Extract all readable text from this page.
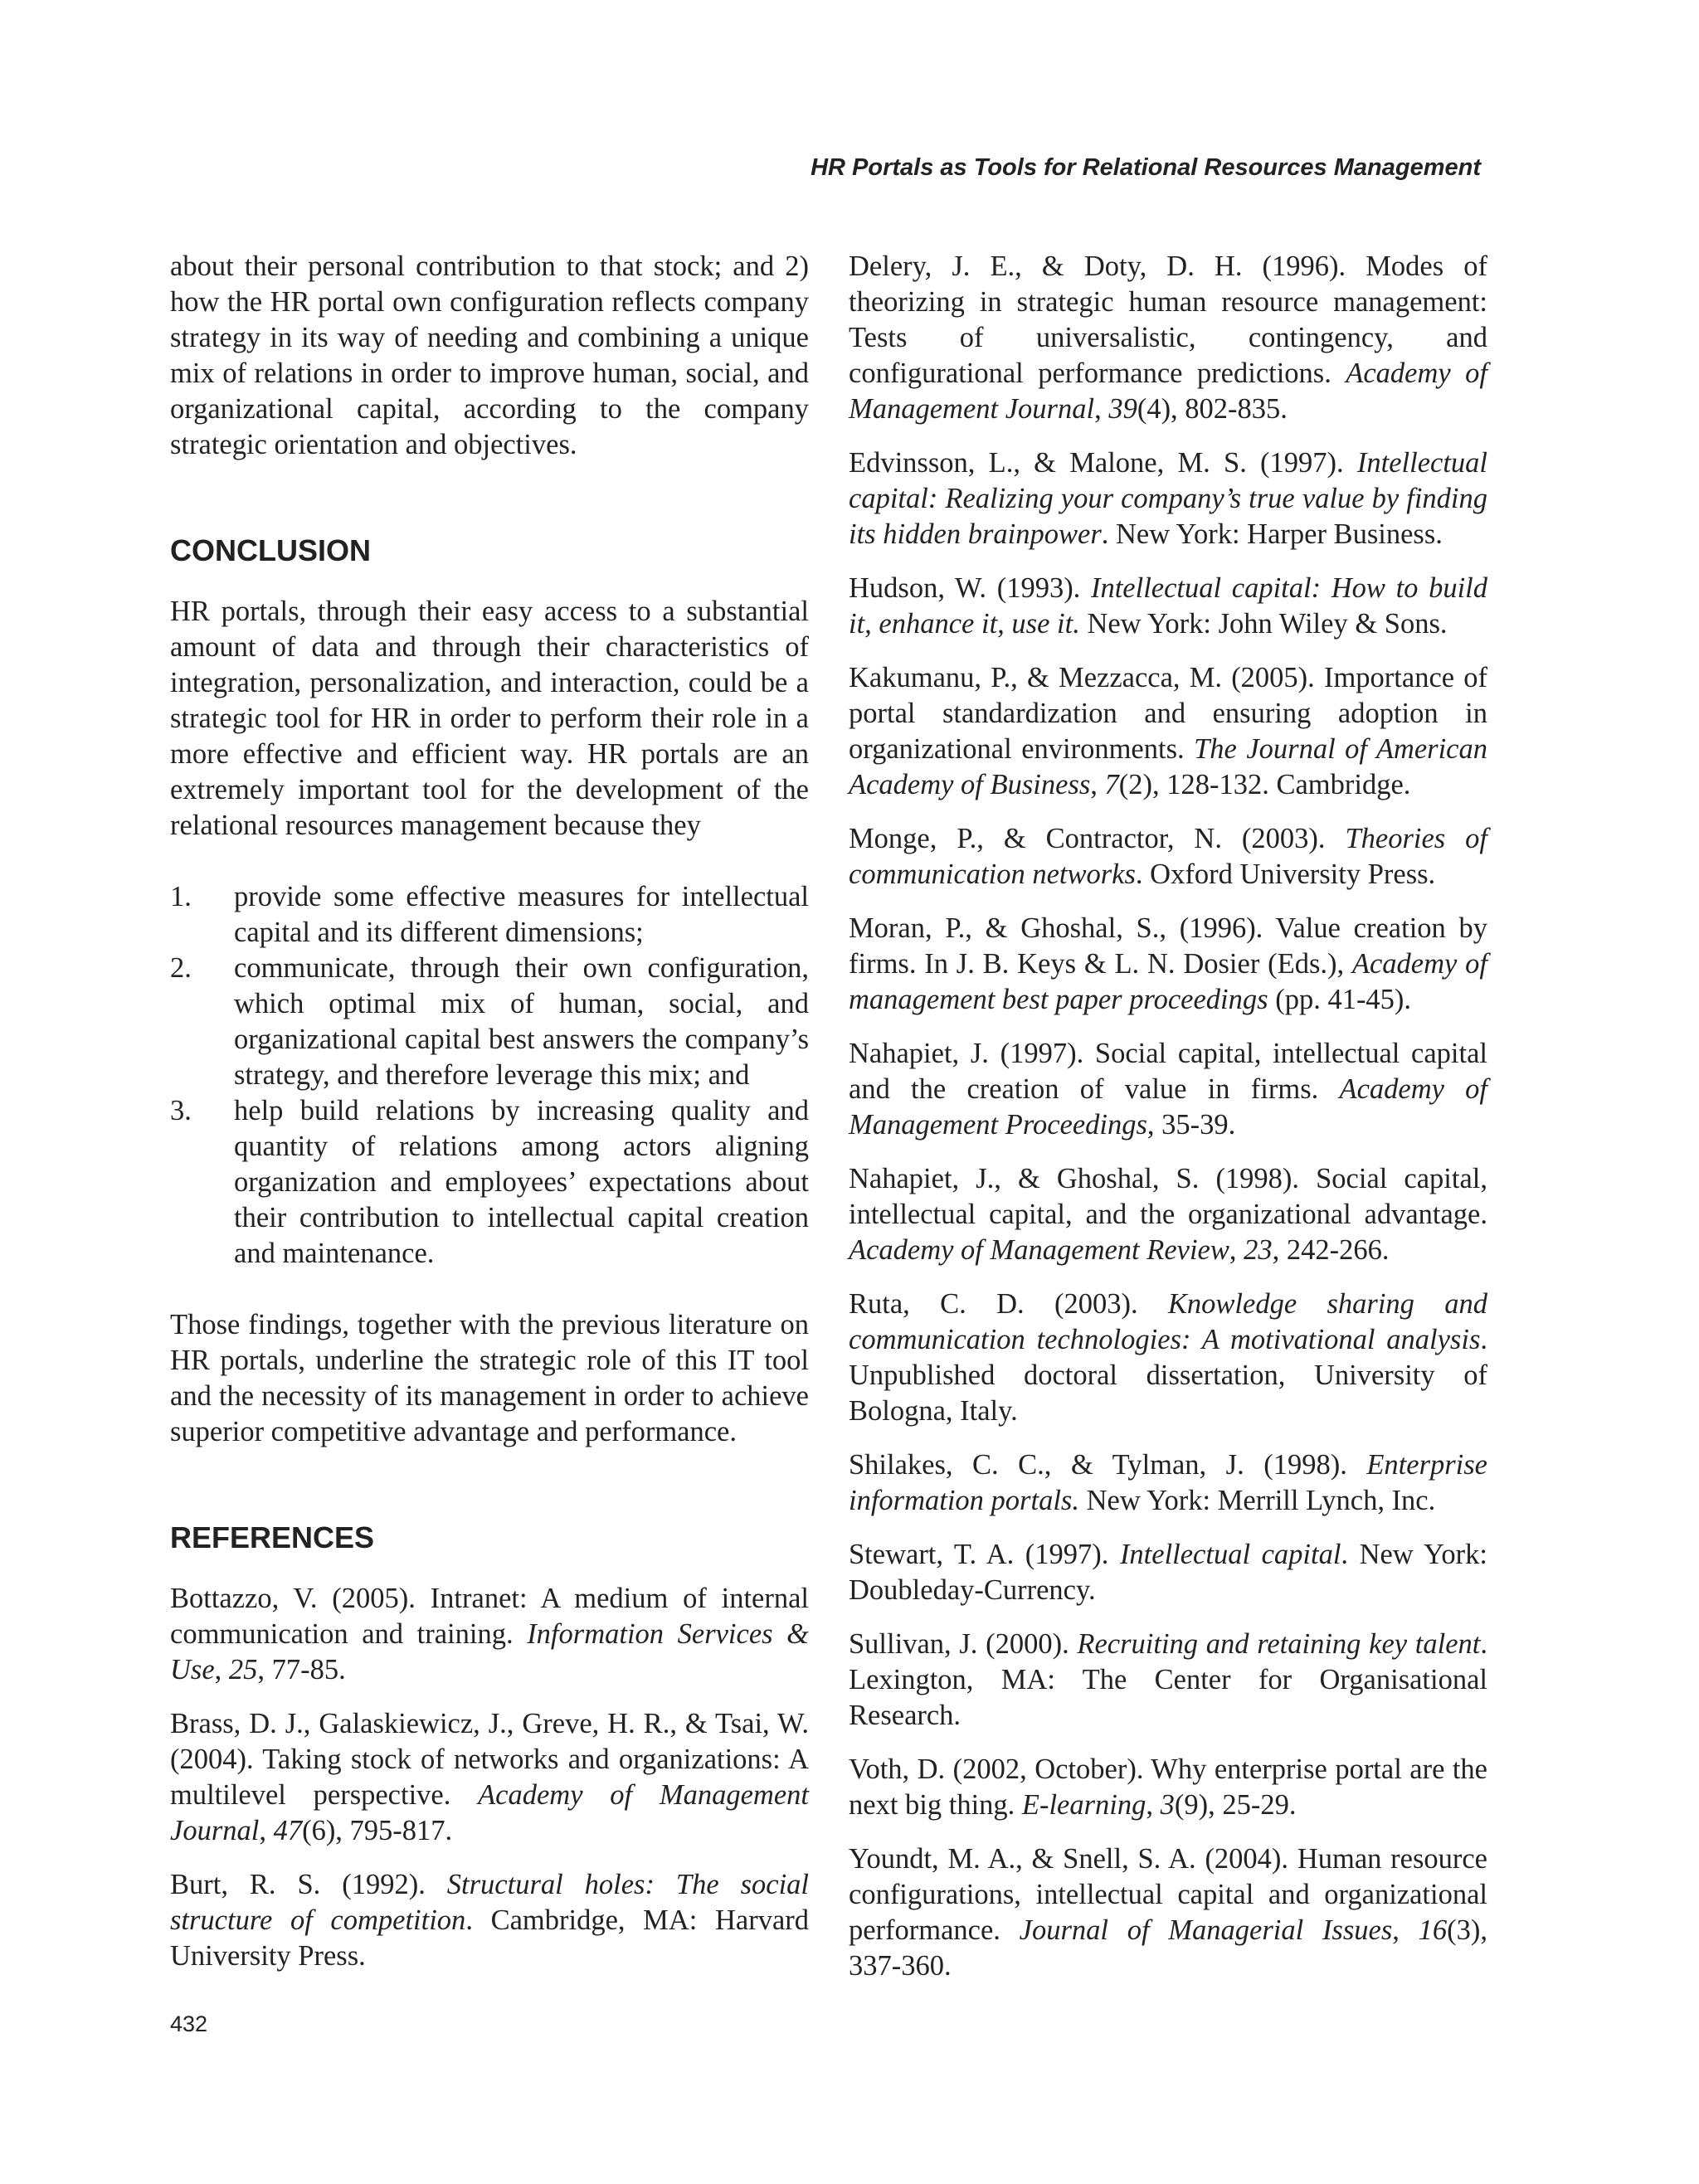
HR Portals as Tools for Relational Resources Management

about their personal contribution to that stock; and 2) how the HR portal own configuration reflects company strategy in its way of needing and combining a unique mix of relations in order to improve human, social, and organizational capital, according to the company strategic orientation and objectives.

CONCLUSION

HR portals, through their easy access to a substantial amount of data and through their characteristics of integration, personalization, and interaction, could be a strategic tool for HR in order to perform their role in a more effective and efficient way. HR portals are an extremely important tool for the development of the relational resources management because they

1. provide some effective measures for intellectual capital and its different dimensions;
2. communicate, through their own configuration, which optimal mix of human, social, and organizational capital best answers the company’s strategy, and therefore leverage this mix; and
3. help build relations by increasing quality and quantity of relations among actors aligning organization and employees’ expectations about their contribution to intellectual capital creation and maintenance.

Those findings, together with the previous literature on HR portals, underline the strategic role of this IT tool and the necessity of its management in order to achieve superior competitive advantage and performance.

REFERENCES

Bottazzo, V. (2005). Intranet: A medium of internal communication and training. Information Services & Use, 25, 77-85.

Brass, D. J., Galaskiewicz, J., Greve, H. R., & Tsai, W. (2004). Taking stock of networks and organizations: A multilevel perspective. Academy of Management Journal, 47(6), 795-817.

Burt, R. S. (1992). Structural holes: The social structure of competition. Cambridge, MA: Harvard University Press.

Delery, J. E., & Doty, D. H. (1996). Modes of theorizing in strategic human resource management: Tests of universalistic, contingency, and configurational performance predictions. Academy of Management Journal, 39(4), 802-835.

Edvinsson, L., & Malone, M. S. (1997). Intellectual capital: Realizing your company’s true value by finding its hidden brainpower. New York: Harper Business.

Hudson, W. (1993). Intellectual capital: How to build it, enhance it, use it. New York: John Wiley & Sons.

Kakumanu, P., & Mezzacca, M. (2005). Importance of portal standardization and ensuring adoption in organizational environments. The Journal of American Academy of Business, 7(2), 128-132. Cambridge.

Monge, P., & Contractor, N. (2003). Theories of communication networks. Oxford University Press.

Moran, P., & Ghoshal, S., (1996). Value creation by firms. In J. B. Keys & L. N. Dosier (Eds.), Academy of management best paper proceedings (pp. 41-45).

Nahapiet, J. (1997). Social capital, intellectual capital and the creation of value in firms. Academy of Management Proceedings, 35-39.

Nahapiet, J., & Ghoshal, S. (1998). Social capital, intellectual capital, and the organizational advantage. Academy of Management Review, 23, 242-266.

Ruta, C. D. (2003). Knowledge sharing and communication technologies: A motivational analysis. Unpublished doctoral dissertation, University of Bologna, Italy.

Shilakes, C. C., & Tylman, J. (1998). Enterprise information portals. New York: Merrill Lynch, Inc.

Stewart, T. A. (1997). Intellectual capital. New York: Doubleday-Currency.

Sullivan, J. (2000). Recruiting and retaining key talent. Lexington, MA: The Center for Organisational Research.

Voth, D. (2002, October). Why enterprise portal are the next big thing. E-learning, 3(9), 25-29.

Youndt, M. A., & Snell, S. A. (2004). Human resource configurations, intellectual capital and organizational performance. Journal of Managerial Issues, 16(3), 337-360.

432
